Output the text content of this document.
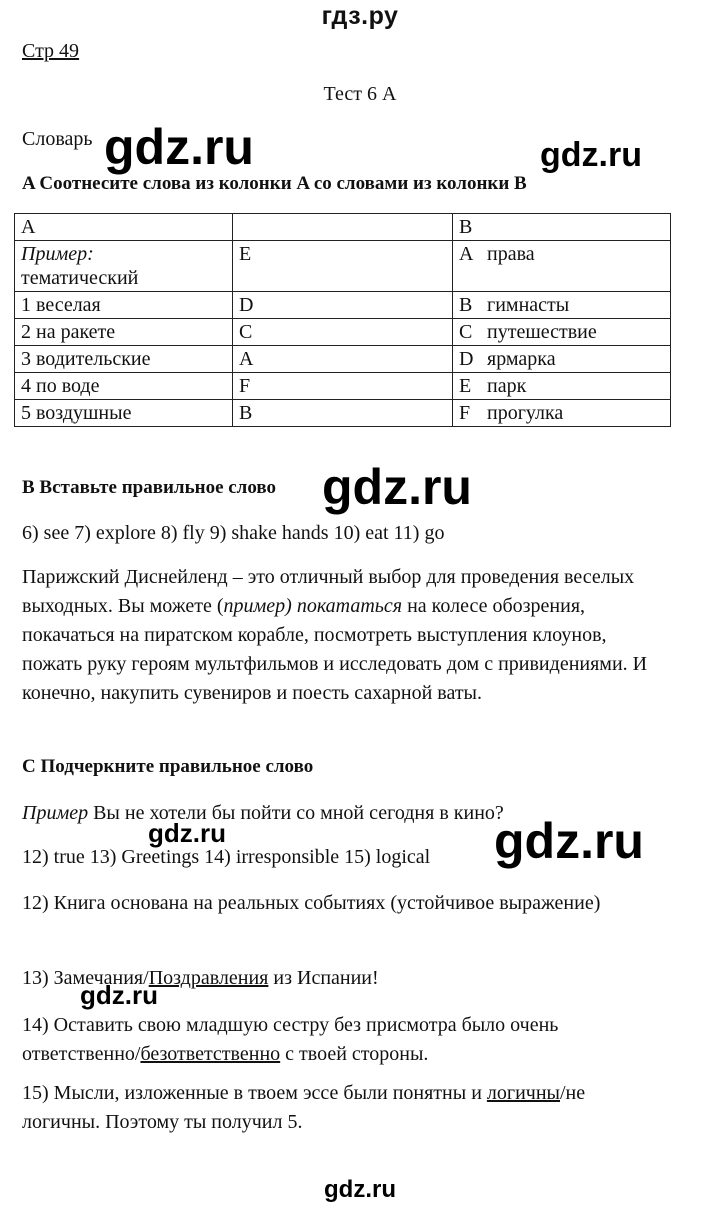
гдз.ру
Стр 49
Тест 6 A
Словарь gdz.ru	gdz.ru
A Соотнесите слова из колонки A со словами из колонки B
A		B

Пример:
тематический	E	A права
1 веселая	D	B гимнасты
2 на ракете	C	C путешествие
3 водительские	A	D ярмарка
4 по воде	F	E парк
5 воздушные	B	F прогулка
B Вставьте правильное слово gdz.ru
6) see 7) explore 8) fly 9) shake hands 10) eat 11) go
Парижский Диснейленд – это отличный выбор для проведения веселых выходных. Вы можете (пример) покататься на колесе обозрения, покачаться на пиратском корабле, посмотреть выступления клоунов, пожать руку героям мультфильмов и исследовать дом с привидениями. И конечно, накупить сувениров и поесть сахарной ваты.
C Подчеркните правильное слово
Пример Вы не хотели бы пойти со мной сегодня в кино?
gdz.ru
12) true 13) Greetings 14) irresponsible 15) logical	gdz.ru
12) Книга основана на реальных событиях (устойчивое выражение)
13) Замечания/Поздравления из Испании!
gdz.ru
14) Оставить свою младшую сестру без присмотра было очень ответственно/безответственно с твоей стороны.
15) Мысли, изложенные в твоем эссе были понятны и логичны/не логичны. Поэтому ты получил 5.
gdz.ru
